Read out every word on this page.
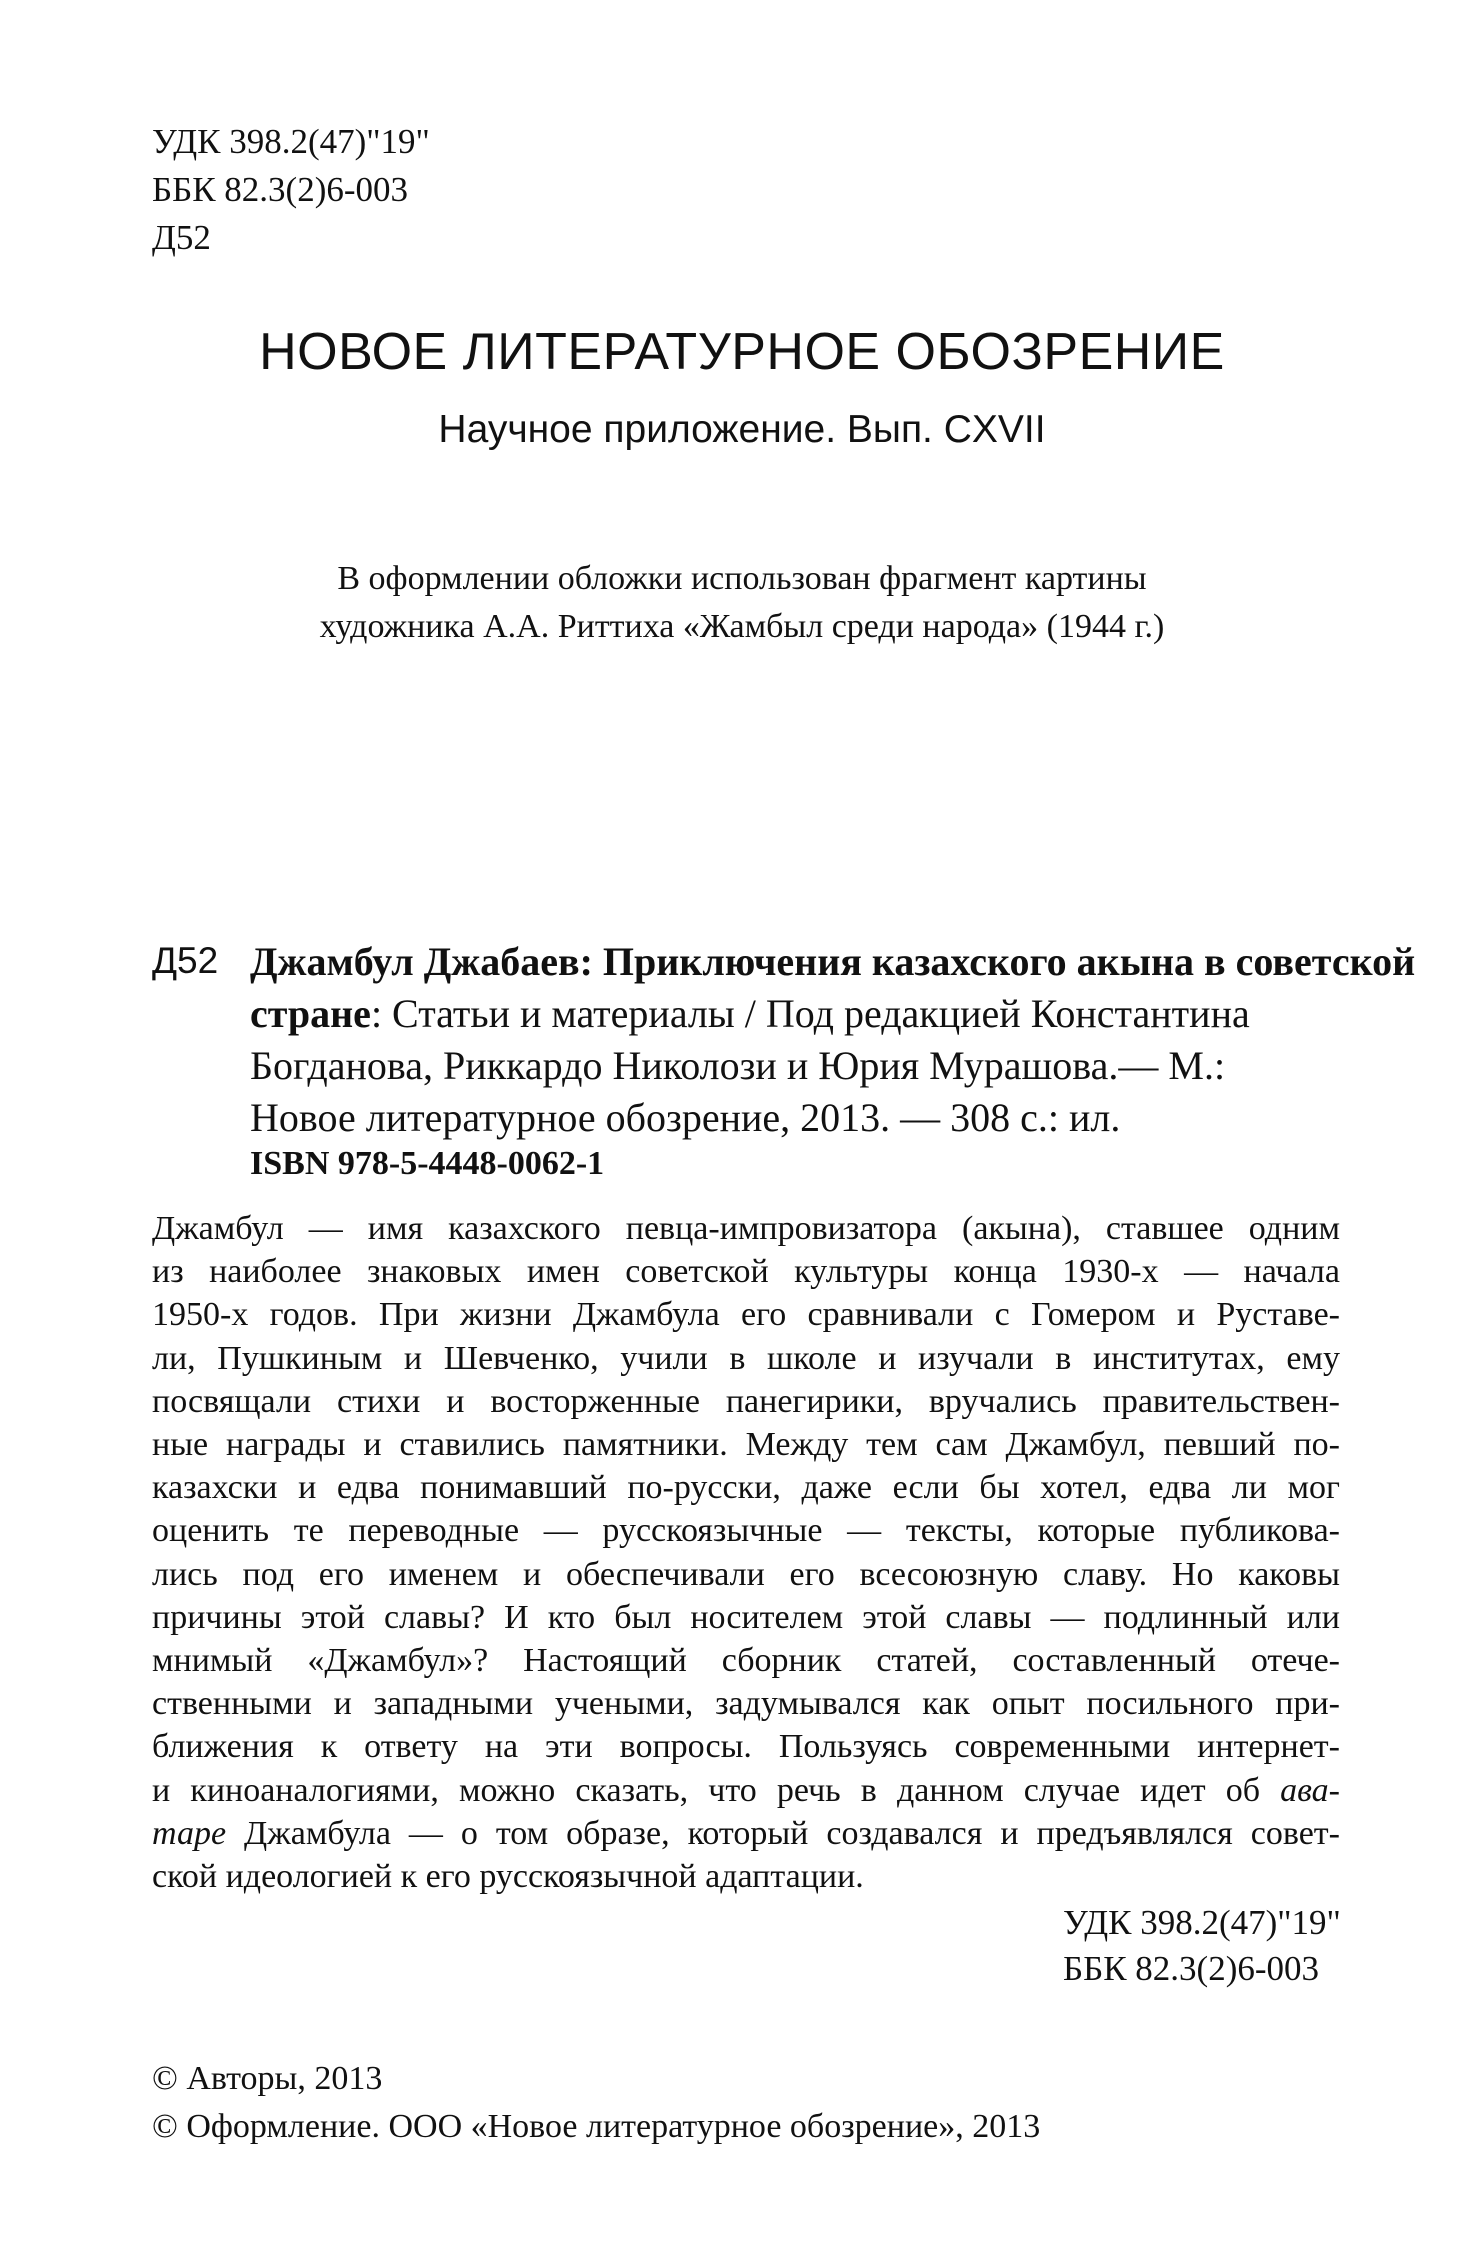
УДК 398.2(47)"19"
ББК 82.3(2)6-003
Д52
НОВОЕ ЛИТЕРАТУРНОЕ ОБОЗРЕНИЕ
Научное приложение. Вып. CXVII
В оформлении обложки использован фрагмент картины
художника А.А. Риттиха «Жамбыл среди народа» (1944 г.)
Д52 Джамбул Джабаев: Приключения казахского акына в советской
стране: Статьи и материалы / Под редакцией Константина
Богданова, Риккардо Николози и Юрия Мурашова.— М.:
Новое литературное обозрение, 2013. — 308 с.: ил.

ISBN 978-5-4448-0062-1

Джамбул — имя казахского певца-импровизатора (акына), ставшее одним
из наиболее знаковых имен советской культуры конца 1930-х — начала
1950-х годов. При жизни Джамбула его сравнивали с Гомером и Руставе-
ли, Пушкиным и Шевченко, учили в школе и изучали в институтах, ему
посвящали стихи и восторженные панегирики, вручались правительствен-
ные награды и ставились памятники. Между тем сам Джамбул, певший по-
казахски и едва понимавший по-русски, даже если бы хотел, едва ли мог
оценить те переводные — русскоязычные — тексты, которые публикова-
лись под его именем и обеспечивали его всесоюзную славу. Но каковы
причины этой славы? И кто был носителем этой славы — подлинный или
мнимый «Джамбул»? Настоящий сборник статей, составленный отече-
ственными и западными учеными, задумывался как опыт посильного при-
ближения к ответу на эти вопросы. Пользуясь современными интернет-
и киноаналогиями, можно сказать, что речь в данном случае идет об ава-
таре Джамбула — о том образе, который создавался и предъявлялся совет-
ской идеологией к его русскоязычной адаптации.

УДК 398.2(47)"19"
ББК 82.3(2)6-003
© Авторы, 2013
© Оформление. ООО «Новое литературное обозрение», 2013
